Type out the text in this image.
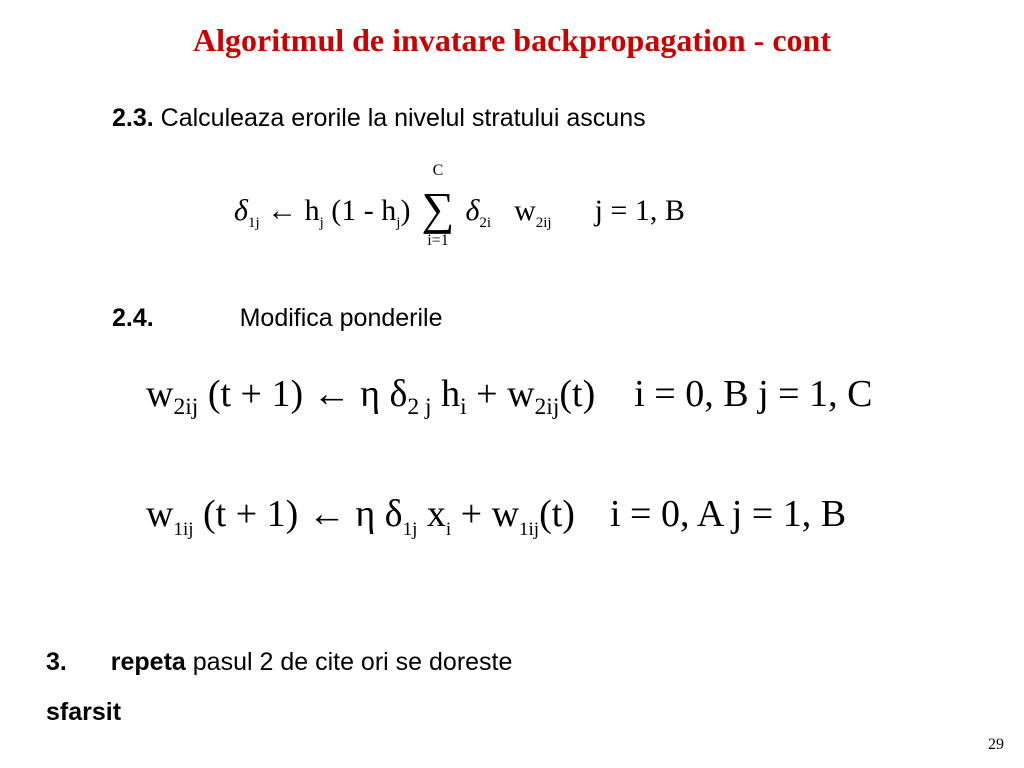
Algoritmul de invatare backpropagation - cont
2.3. Calculeaza erorile la nivelul stratului ascuns
δ1j ← hj (1 - hj)
C
∑
i=1
δ2i w2ij j = 1, B
2.4.	Modifica ponderile
w2ij (t + 1) ← η δ2 j hi + w2ij(t) i = 0, B j = 1, C
w1ij (t + 1) ← η δ1j xi + w1ij(t) i = 0, A j = 1, B
3. repeta pasul 2 de cite ori se doreste
sfarsit
29
